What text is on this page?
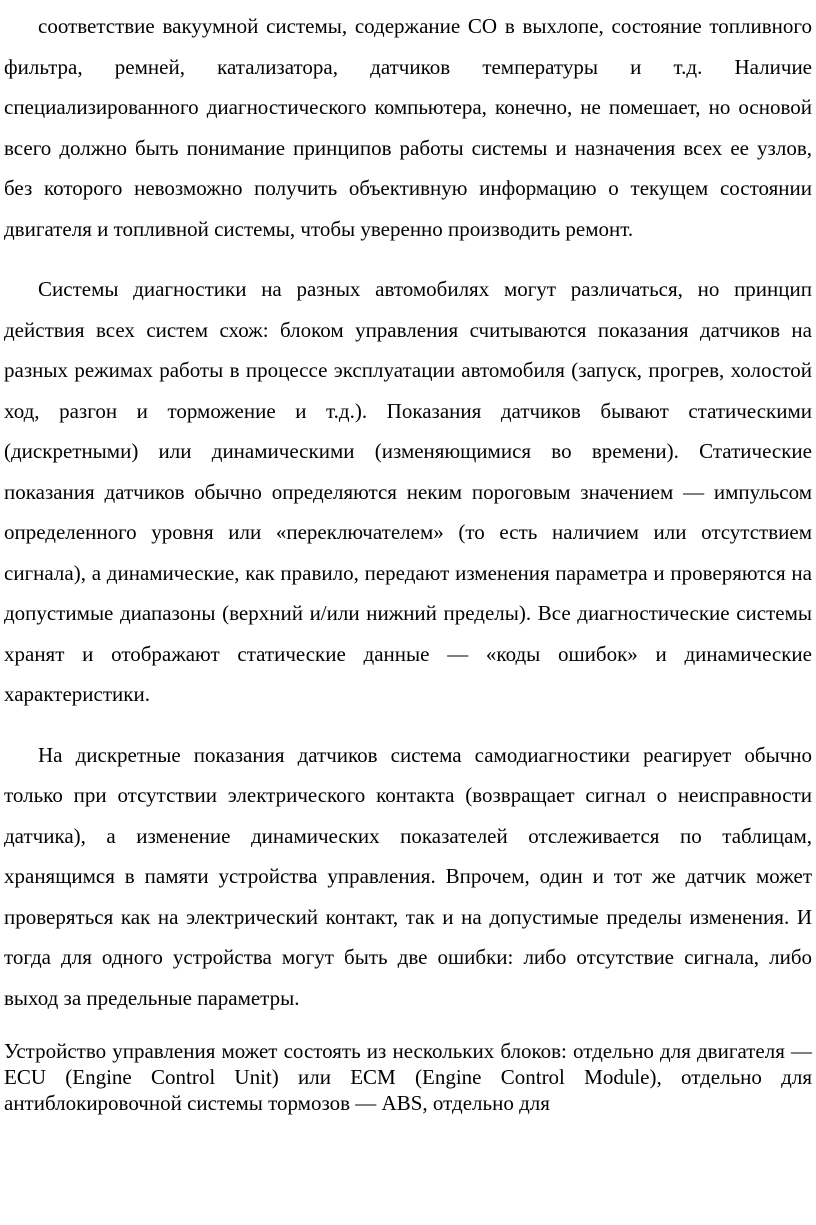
соответствие вакуумной системы, содержание СО в выхлопе, состояние топливного фильтра, ремней, катализатора, датчиков температуры и т.д. Наличие специализированного диагностического компьютера, конечно, не помешает, но основой всего должно быть понимание принципов работы системы и назначения всех ее узлов, без которого невозможно получить объективную информацию о текущем состоянии двигателя и топливной системы, чтобы уверенно производить ремонт.

Системы диагностики на разных автомобилях могут различаться, но принцип действия всех систем схож: блоком управления считываются показания датчиков на разных режимах работы в процессе эксплуатации автомобиля (запуск, прогрев, холостой ход, разгон и торможение и т.д.). Показания датчиков бывают статическими (дискретными) или динамическими (изменяющимися во времени). Статические показания датчиков обычно определяются неким пороговым значением — импульсом определенного уровня или «переключателем» (то есть наличием или отсутствием сигнала), а динамические, как правило, передают изменения параметра и проверяются на допустимые диапазоны (верхний и/или нижний пределы). Все диагностические системы хранят и отображают статические данные — «коды ошибок» и динамические характеристики.

На дискретные показания датчиков система самодиагностики реагирует обычно только при отсутствии электрического контакта (возвращает сигнал о неисправности датчика), а изменение динамических показателей отслеживается по таблицам, хранящимся в памяти устройства управления. Впрочем, один и тот же датчик может проверяться как на электрический контакт, так и на допустимые пределы изменения. И тогда для одного устройства могут быть две ошибки: либо отсутствие сигнала, либо выход за предельные параметры.

Устройство управления может состоять из нескольких блоков: отдельно для двигателя — ECU (Engine Control Unit) или ECM (Engine Control Module), отдельно для антиблокировочной системы тормозов — ABS, отдельно для
